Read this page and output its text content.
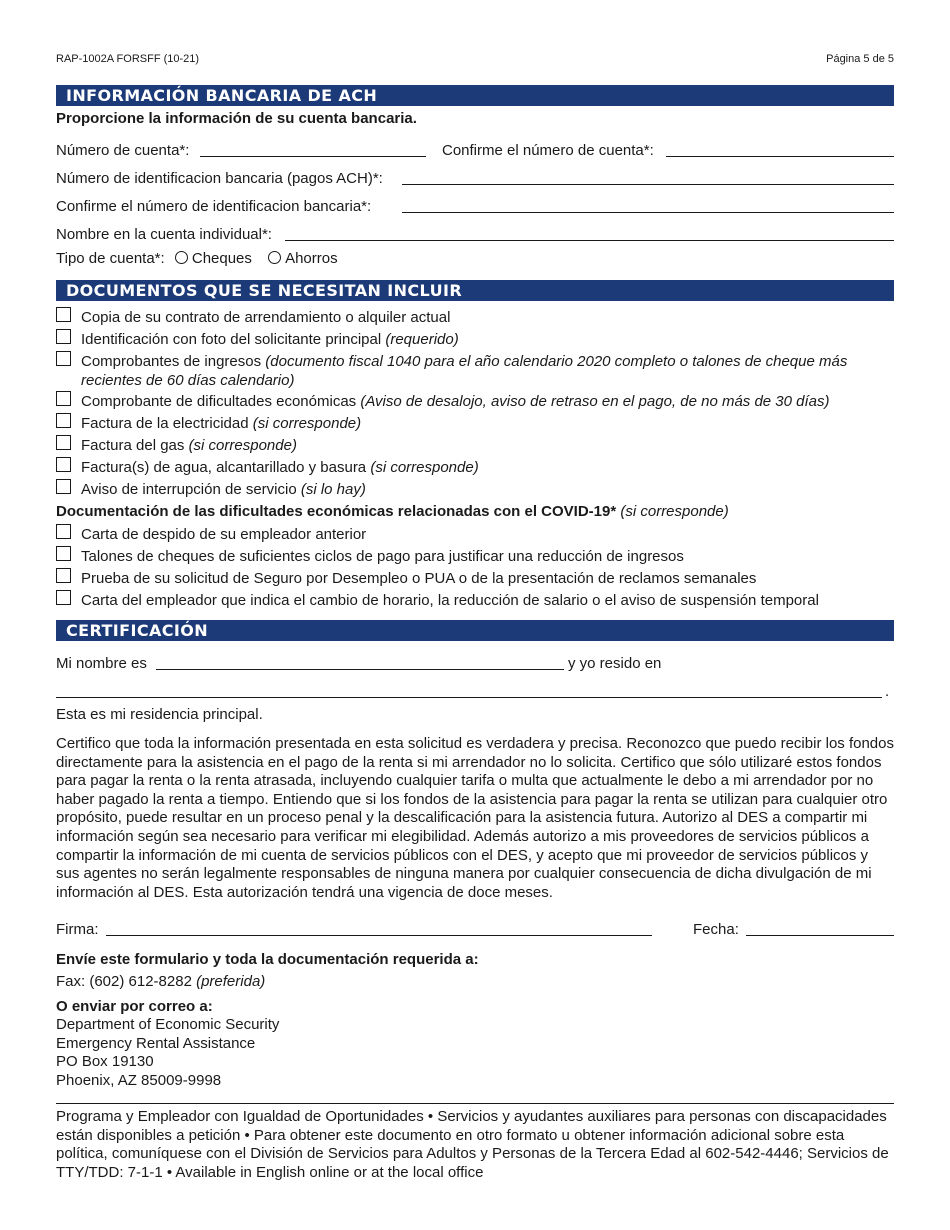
RAP-1002A FORSFF (10-21)	Página 5 de 5
INFORMACIÓN BANCARIA DE ACH
Proporcione la información de su cuenta bancaria.
Número de cuenta*:	Confirme el número de cuenta*:
Número de identificacion bancaria (pagos ACH)*:
Confirme el número de identificacion bancaria*:
Nombre en la cuenta individual*:
Tipo de cuenta*: Cheques Ahorros
DOCUMENTOS QUE SE NECESITAN INCLUIR
Copia de su contrato de arrendamiento o alquiler actual
Identificación con foto del solicitante principal (requerido)
Comprobantes de ingresos (documento fiscal 1040 para el año calendario 2020 completo o talones de cheque más recientes de 60 días calendario)
Comprobante de dificultades económicas (Aviso de desalojo, aviso de retraso en el pago, de no más de 30 días)
Factura de la electricidad (si corresponde)
Factura del gas (si corresponde)
Factura(s) de agua, alcantarillado y basura (si corresponde)
Aviso de interrupción de servicio (si lo hay)
Documentación de las dificultades económicas relacionadas con el COVID-19* (si corresponde)
Carta de despido de su empleador anterior
Talones de cheques de suficientes ciclos de pago para justificar una reducción de ingresos
Prueba de su solicitud de Seguro por Desempleo o PUA o de la presentación de reclamos semanales
Carta del empleador que indica el cambio de horario, la reducción de salario o el aviso de suspensión temporal
CERTIFICACIÓN
Mi nombre es	y yo resido en
.
Esta es mi residencia principal.
Certifico que toda la información presentada en esta solicitud es verdadera y precisa. Reconozco que puedo recibir los fondos directamente para la asistencia en el pago de la renta si mi arrendador no lo solicita. Certifico que sólo utilizaré estos fondos para pagar la renta o la renta atrasada, incluyendo cualquier tarifa o multa que actualmente le debo a mi arrendador por no haber pagado la renta a tiempo. Entiendo que si los fondos de la asistencia para pagar la renta se utilizan para cualquier otro propósito, puede resultar en un proceso penal y la descalificación para la asistencia futura. Autorizo al DES a compartir mi información según sea necesario para verificar mi elegibilidad. Además autorizo a mis proveedores de servicios públicos a compartir la información de mi cuenta de servicios públicos con el DES, y acepto que mi proveedor de servicios públicos y sus agentes no serán legalmente responsables de ninguna manera por cualquier consecuencia de dicha divulgación de mi información al DES. Esta autorización tendrá una vigencia de doce meses.
Firma:	Fecha:
Envíe este formulario y toda la documentación requerida a:
Fax: (602) 612-8282 (preferida)
O enviar por correo a:
Department of Economic Security
Emergency Rental Assistance
PO Box 19130
Phoenix, AZ 85009-9998
Programa y Empleador con Igualdad de Oportunidades • Servicios y ayudantes auxiliares para personas con discapacidades están disponibles a petición • Para obtener este documento en otro formato u obtener información adicional sobre esta política, comuníquese con el División de Servicios para Adultos y Personas de la Tercera Edad al 602-542-4446; Servicios de TTY/TDD: 7-1-1 • Available in English online or at the local office
